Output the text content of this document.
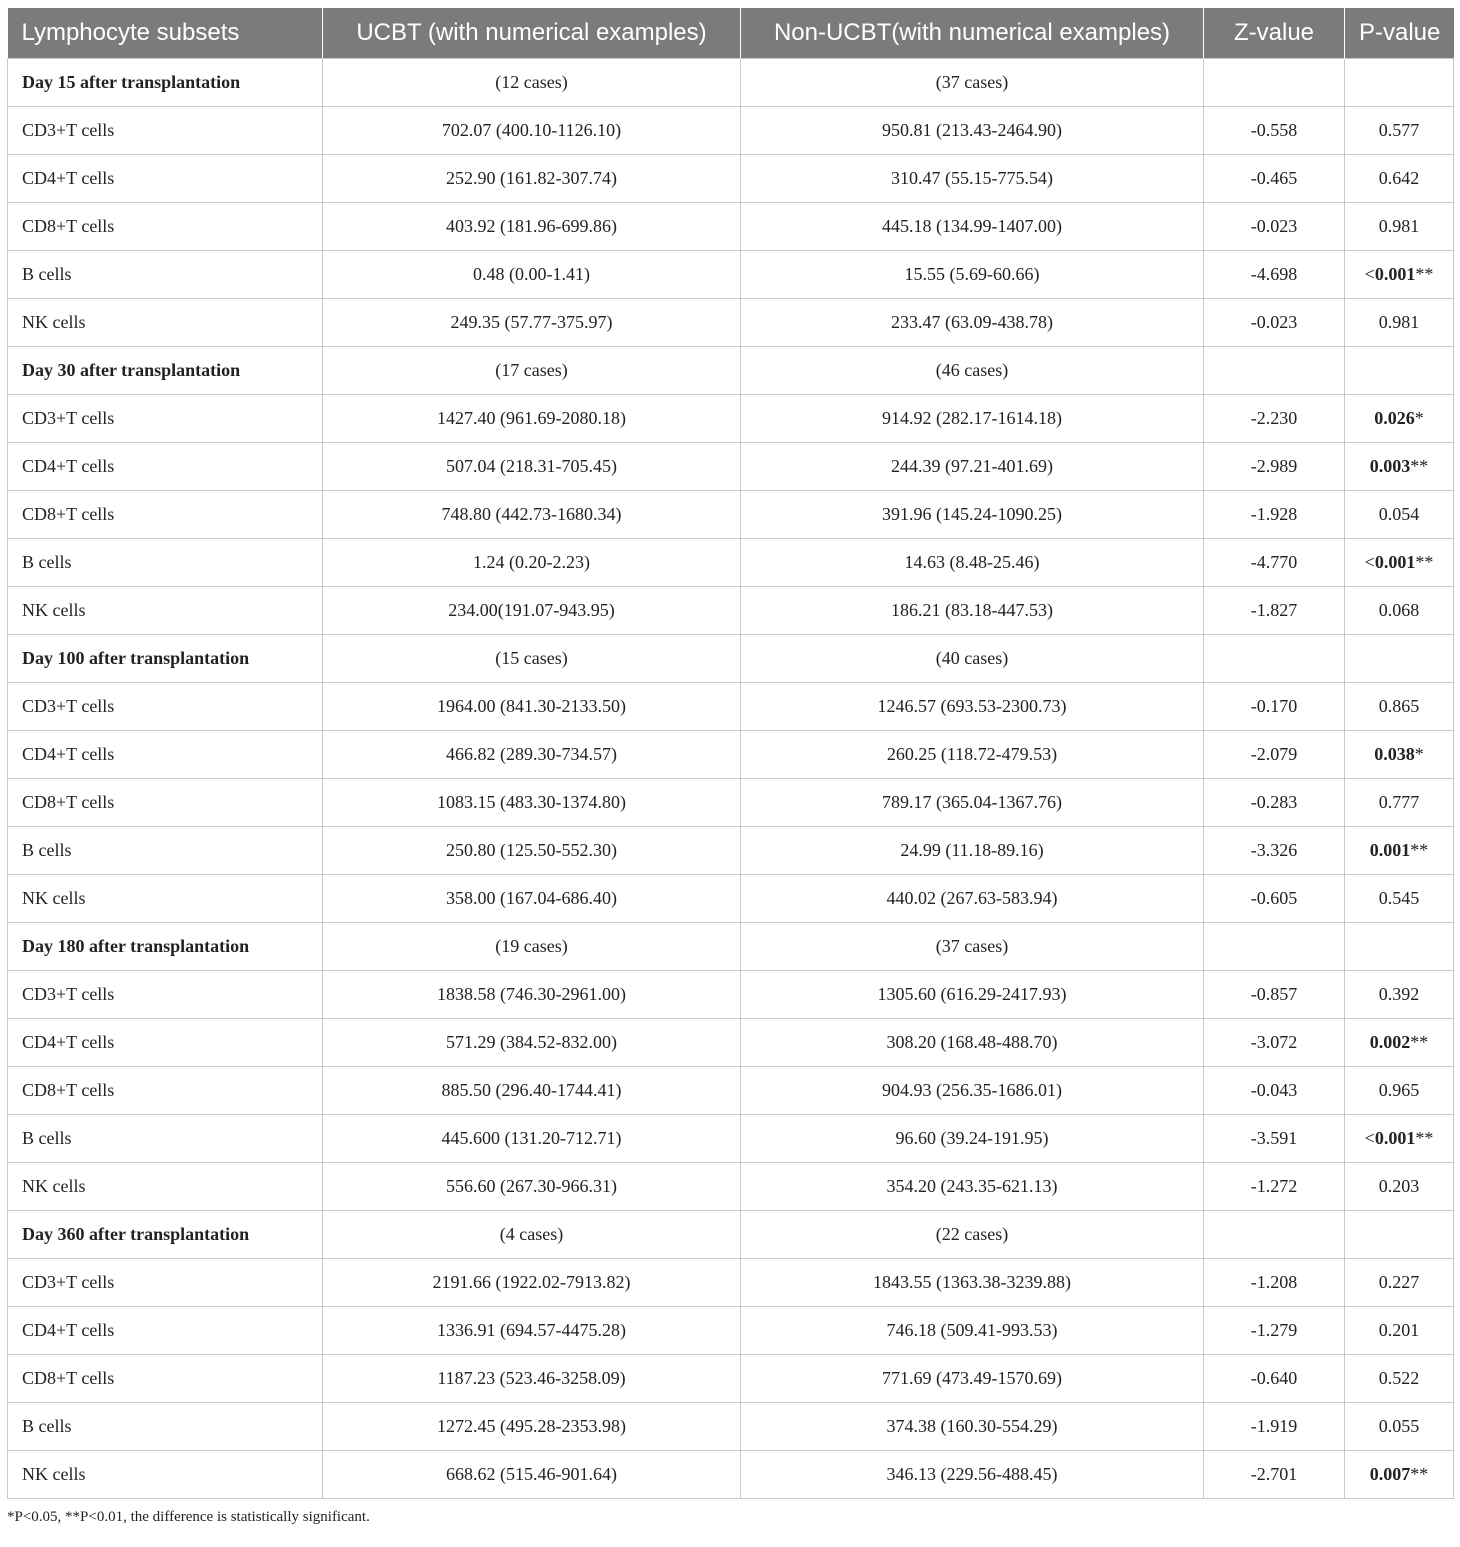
Lymphocyte subsets	UCBT (with numerical examples)	Non-UCBT(with numerical examples)	Z-value	P-value
Day 15 after transplantation	(12 cases)	(37 cases)		
CD3+T cells	702.07 (400.10-1126.10)	950.81 (213.43-2464.90)	-0.558	0.577
CD4+T cells	252.90 (161.82-307.74)	310.47 (55.15-775.54)	-0.465	0.642
CD8+T cells	403.92 (181.96-699.86)	445.18 (134.99-1407.00)	-0.023	0.981
B cells	0.48 (0.00-1.41)	15.55 (5.69-60.66)	-4.698	<0.001**
NK cells	249.35 (57.77-375.97)	233.47 (63.09-438.78)	-0.023	0.981
Day 30 after transplantation	(17 cases)	(46 cases)		
CD3+T cells	1427.40 (961.69-2080.18)	914.92 (282.17-1614.18)	-2.230	0.026*
CD4+T cells	507.04 (218.31-705.45)	244.39 (97.21-401.69)	-2.989	0.003**
CD8+T cells	748.80 (442.73-1680.34)	391.96 (145.24-1090.25)	-1.928	0.054
B cells	1.24 (0.20-2.23)	14.63 (8.48-25.46)	-4.770	<0.001**
NK cells	234.00(191.07-943.95)	186.21 (83.18-447.53)	-1.827	0.068
Day 100 after transplantation	(15 cases)	(40 cases)		
CD3+T cells	1964.00 (841.30-2133.50)	1246.57 (693.53-2300.73)	-0.170	0.865
CD4+T cells	466.82 (289.30-734.57)	260.25 (118.72-479.53)	-2.079	0.038*
CD8+T cells	1083.15 (483.30-1374.80)	789.17 (365.04-1367.76)	-0.283	0.777
B cells	250.80 (125.50-552.30)	24.99 (11.18-89.16)	-3.326	0.001**
NK cells	358.00 (167.04-686.40)	440.02 (267.63-583.94)	-0.605	0.545
Day 180 after transplantation	(19 cases)	(37 cases)		
CD3+T cells	1838.58 (746.30-2961.00)	1305.60 (616.29-2417.93)	-0.857	0.392
CD4+T cells	571.29 (384.52-832.00)	308.20 (168.48-488.70)	-3.072	0.002**
CD8+T cells	885.50 (296.40-1744.41)	904.93 (256.35-1686.01)	-0.043	0.965
B cells	445.600 (131.20-712.71)	96.60 (39.24-191.95)	-3.591	<0.001**
NK cells	556.60 (267.30-966.31)	354.20 (243.35-621.13)	-1.272	0.203
Day 360 after transplantation	(4 cases)	(22 cases)		
CD3+T cells	2191.66 (1922.02-7913.82)	1843.55 (1363.38-3239.88)	-1.208	0.227
CD4+T cells	1336.91 (694.57-4475.28)	746.18 (509.41-993.53)	-1.279	0.201
CD8+T cells	1187.23 (523.46-3258.09)	771.69 (473.49-1570.69)	-0.640	0.522
B cells	1272.45 (495.28-2353.98)	374.38 (160.30-554.29)	-1.919	0.055
NK cells	668.62 (515.46-901.64)	346.13 (229.56-488.45)	-2.701	0.007**
*P<0.05, **P<0.01, the difference is statistically significant.
